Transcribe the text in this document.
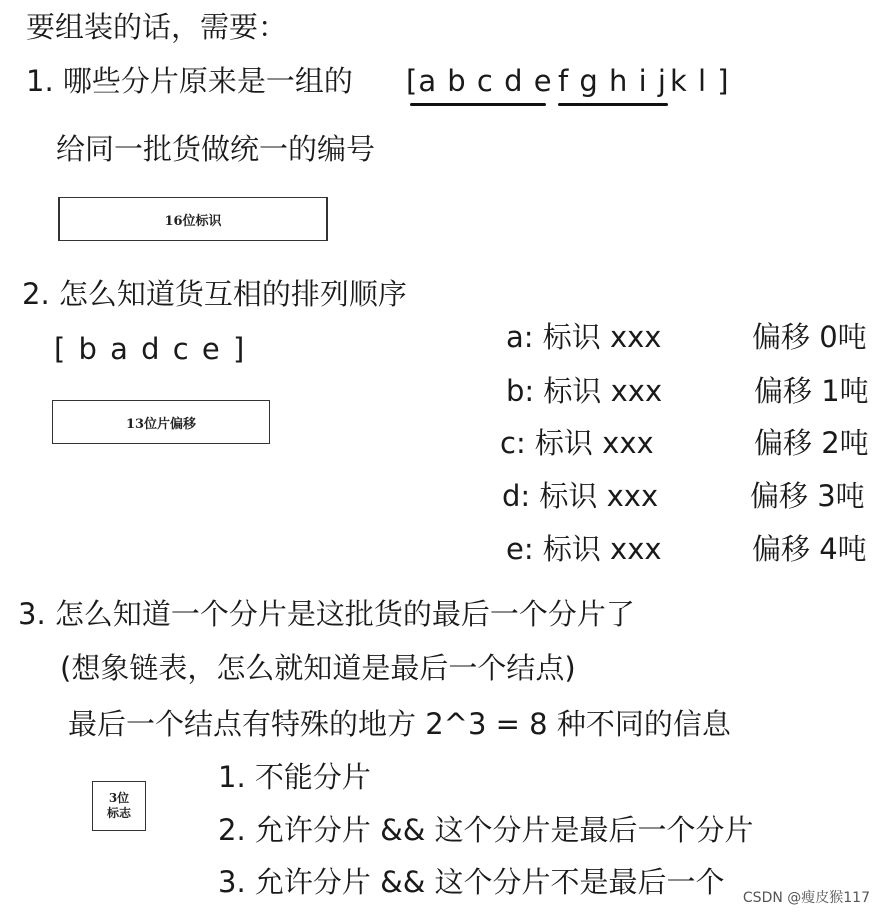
要组装的话，需要：
1. 哪些分片原来是一组的 [a b c d e f g h i j k l ]
给同一批货做统一的编号
16位标识
2. 怎么知道货互相的排列顺序
[ b a d c e ]
13位片偏移
a: 标识 xxx	偏移 0吨
b: 标识 xxx	偏移 1吨
c: 标识 xxx	偏移 2吨
d: 标识 xxx	偏移 3吨
e: 标识 xxx	偏移 4吨
3. 怎么知道一个分片是这批货的最后一个分片了
(想象链表，怎么就知道是最后一个结点)
最后一个结点有特殊的地方 2^3 = 8 种不同的信息
3位
标志
1. 不能分片
2. 允许分片 && 这个分片是最后一个分片
3. 允许分片 && 这个分片不是最后一个 CSDN @瘦皮猴117
